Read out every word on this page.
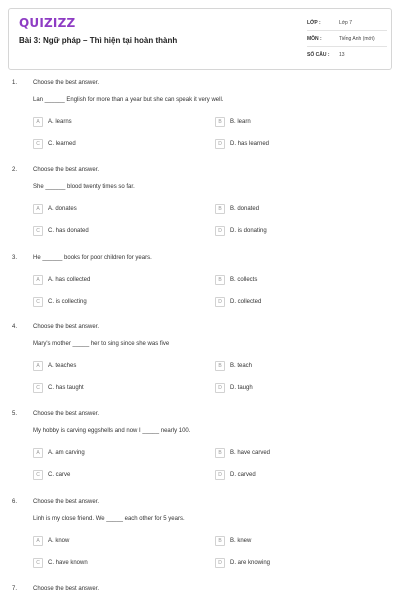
QUIZIZZ
Bài 3: Ngữ pháp – Thì hiện tại hoàn thành
LỚP :	Lớp 7
MÔN :	Tiếng Anh (mới)
SỐ CÂU :	13
1.	Choose the best answer.
Lan ______ English for more than a year but she can speak it very well.
A	A. learns	B	B. learn
C	C. learned	D	D. has learned
2.	Choose the best answer.
She ______ blood twenty times so far.
A	A. donates	B	B. donated
C	C. has donated	D	D. is donating
3.	He ______ books for poor children for years.
A	A. has collected	B	B. collects
C	C. is collecting	D	D. collected
4.	Choose the best answer.
Mary's mother _____ her to sing since she was five
A	A. teaches	B	B. teach
C	C. has taught	D	D. taugh
5.	Choose the best answer.
My hobby is carving eggshells and now I _____ nearly 100.
A	A. am carving	B	B. have carved
C	C. carve	D	D. carved
6.	Choose the best answer.
Linh is my close friend. We _____ each other for 5 years.
A	A. know	B	B. knew
C	C. have known	D	D. are knowing
7.	Choose the best answer.
